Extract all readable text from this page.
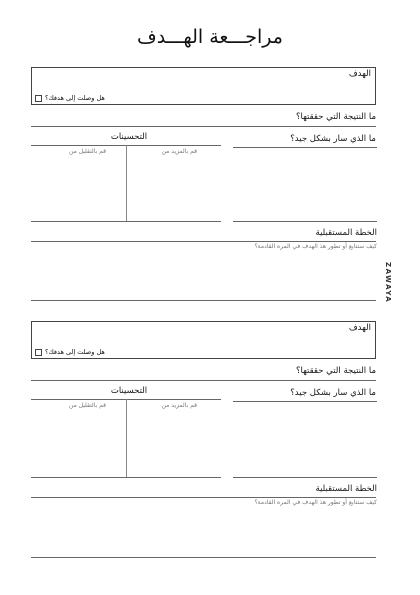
مراجـــعة الهـــدف
ZAWAYA
الهدف
هل وصلت إلى هدفك؟
ما النتيجة التي حققتها؟
ما الذي سار بشكل جيد؟
التحسينات
قم بالمزيد من
قم بالتقليل من
الخطة المستقبلية
كيف ستتابع أو تطور هذ الهدف في المره القادمة؟
الهدف
هل وصلت إلى هدفك؟
ما النتيجة التي حققتها؟
ما الذي سار بشكل جيد؟
التحسينات
قم بالمزيد من
قم بالتقليل من
الخطة المستقبلية
كيف ستتابع أو تطور هذ الهدف في المره القادمة؟
